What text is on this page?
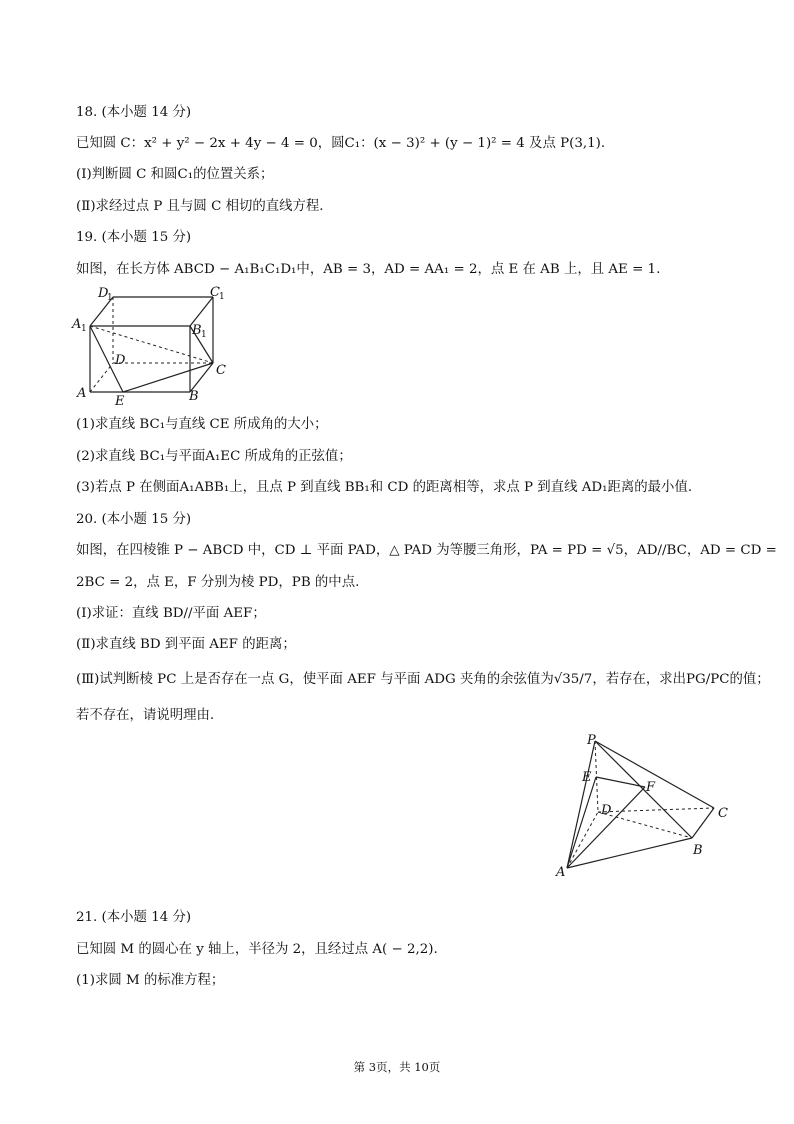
18. (本小题 14 分)
已知圆 C：x² + y² − 2x + 4y − 4 = 0，圆C₁：(x − 3)² + (y − 1)² = 4 及点 P(3,1).
(Ⅰ)判断圆 C 和圆C₁的位置关系；
(Ⅱ)求经过点 P 且与圆 C 相切的直线方程.
19. (本小题 15 分)
如图，在长方体 ABCD − A₁B₁C₁D₁中，AB = 3，AD = AA₁ = 2，点 E 在 AB 上，且 AE = 1.
D
1	C 1
A 1	B 1
D
C
A
E	B
(1)求直线 BC₁与直线 CE 所成角的大小；
(2)求直线 BC₁与平面A₁EC 所成角的正弦值；
(3)若点 P 在侧面A₁ABB₁上，且点 P 到直线 BB₁和 CD 的距离相等，求点 P 到直线 AD₁距离的最小值.
20. (本小题 15 分)
如图，在四棱锥 P − ABCD 中，CD ⊥ 平面 PAD，△ PAD 为等腰三角形，PA = PD = √5，AD//BC，AD = CD =
2BC = 2，点 E，F 分别为棱 PD，PB 的中点.
(Ⅰ)求证：直线 BD//平面 AEF；
(Ⅱ)求直线 BD 到平面 AEF 的距离；
(Ⅲ)试判断棱 PC 上是否存在一点 G，使平面 AEF 与平面 ADG 夹角的余弦值为√35/7，若存在，求出PG/PC的值；
若不存在，请说明理由.
P
E
F
D	C
B
A
21. (本小题 14 分)
已知圆 M 的圆心在 y 轴上，半径为 2，且经过点 A( − 2,2).
(1)求圆 M 的标准方程；
第 3页，共 10页
